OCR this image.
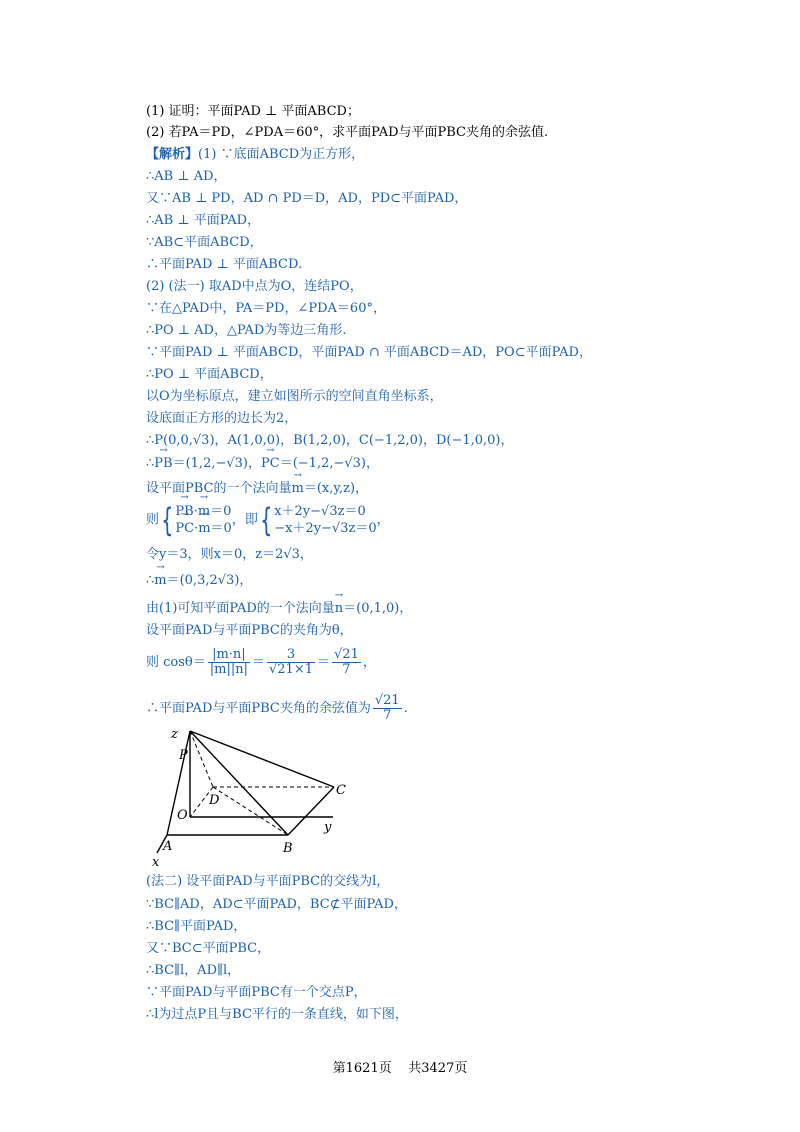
(1) 证明：平面PAD ⊥ 平面ABCD；
(2) 若PA＝PD，∠PDA＝60°，求平面PAD与平面PBC夹角的余弦值.
【解析】(1) ∵底面ABCD为正方形，
∴AB ⊥ AD，
又∵AB ⊥ PD，AD ∩ PD＝D，AD，PD⊂平面PAD，
∴AB ⊥ 平面PAD，
∵AB⊂平面ABCD，
∴平面PAD ⊥ 平面ABCD.
(2) (法一) 取AD中点为O，连结PO，
∵在△PAD中，PA＝PD，∠PDA＝60°，
∴PO ⊥ AD，△PAD为等边三角形.
∵平面PAD ⊥ 平面ABCD，平面PAD ∩ 平面ABCD＝AD，PO⊂平面PAD，
∴PO ⊥ 平面ABCD，
以O为坐标原点，建立如图所示的空间直角坐标系，
设底面正方形的边长为2，
∴P(0,0,√3)，A(1,0,0)，B(1,2,0)，C(−1,2,0)，D(−1,0,0)，
∴→ PB＝(1,2,−√3)，→ PC＝(−1,2,−√3)，
设平面PBC的一个法向量→ m＝(x,y,z)，
则{
→ PB·→ m＝0
→ PC·→ m＝0
，即{ x＋2y−√3z＝0
−x＋2y−√3z＝0
，
令y＝3，则x＝0，z＝2√3，
∴→ m＝(0,3,2√3)，
由(1)可知平面PAD的一个法向量→ n＝(0,1,0)，
设平面PAD与平面PBC的夹角为θ，
则 $\cos\theta= \frac{|m\cdot n|}{|m||n|} = \frac{3}{√21\times 1} = \frac{√21}{7}$ ，
∴平面PAD与平面PBC夹角的余弦值为 $\frac{√21}{7}$ .
z
P
D
C
O
y
A	B
x
(法二) 设平面PAD与平面PBC的交线为l，
∵BC∥AD，AD⊂平面PAD，BC⊄平面PAD，
∴BC∥平面PAD，
又∵BC⊂平面PBC，
∴BC∥l，AD∥l，
∵平面PAD与平面PBC有一个交点P，
∴l为过点P且与BC平行的一条直线，如下图，
第1621页 共3427页
